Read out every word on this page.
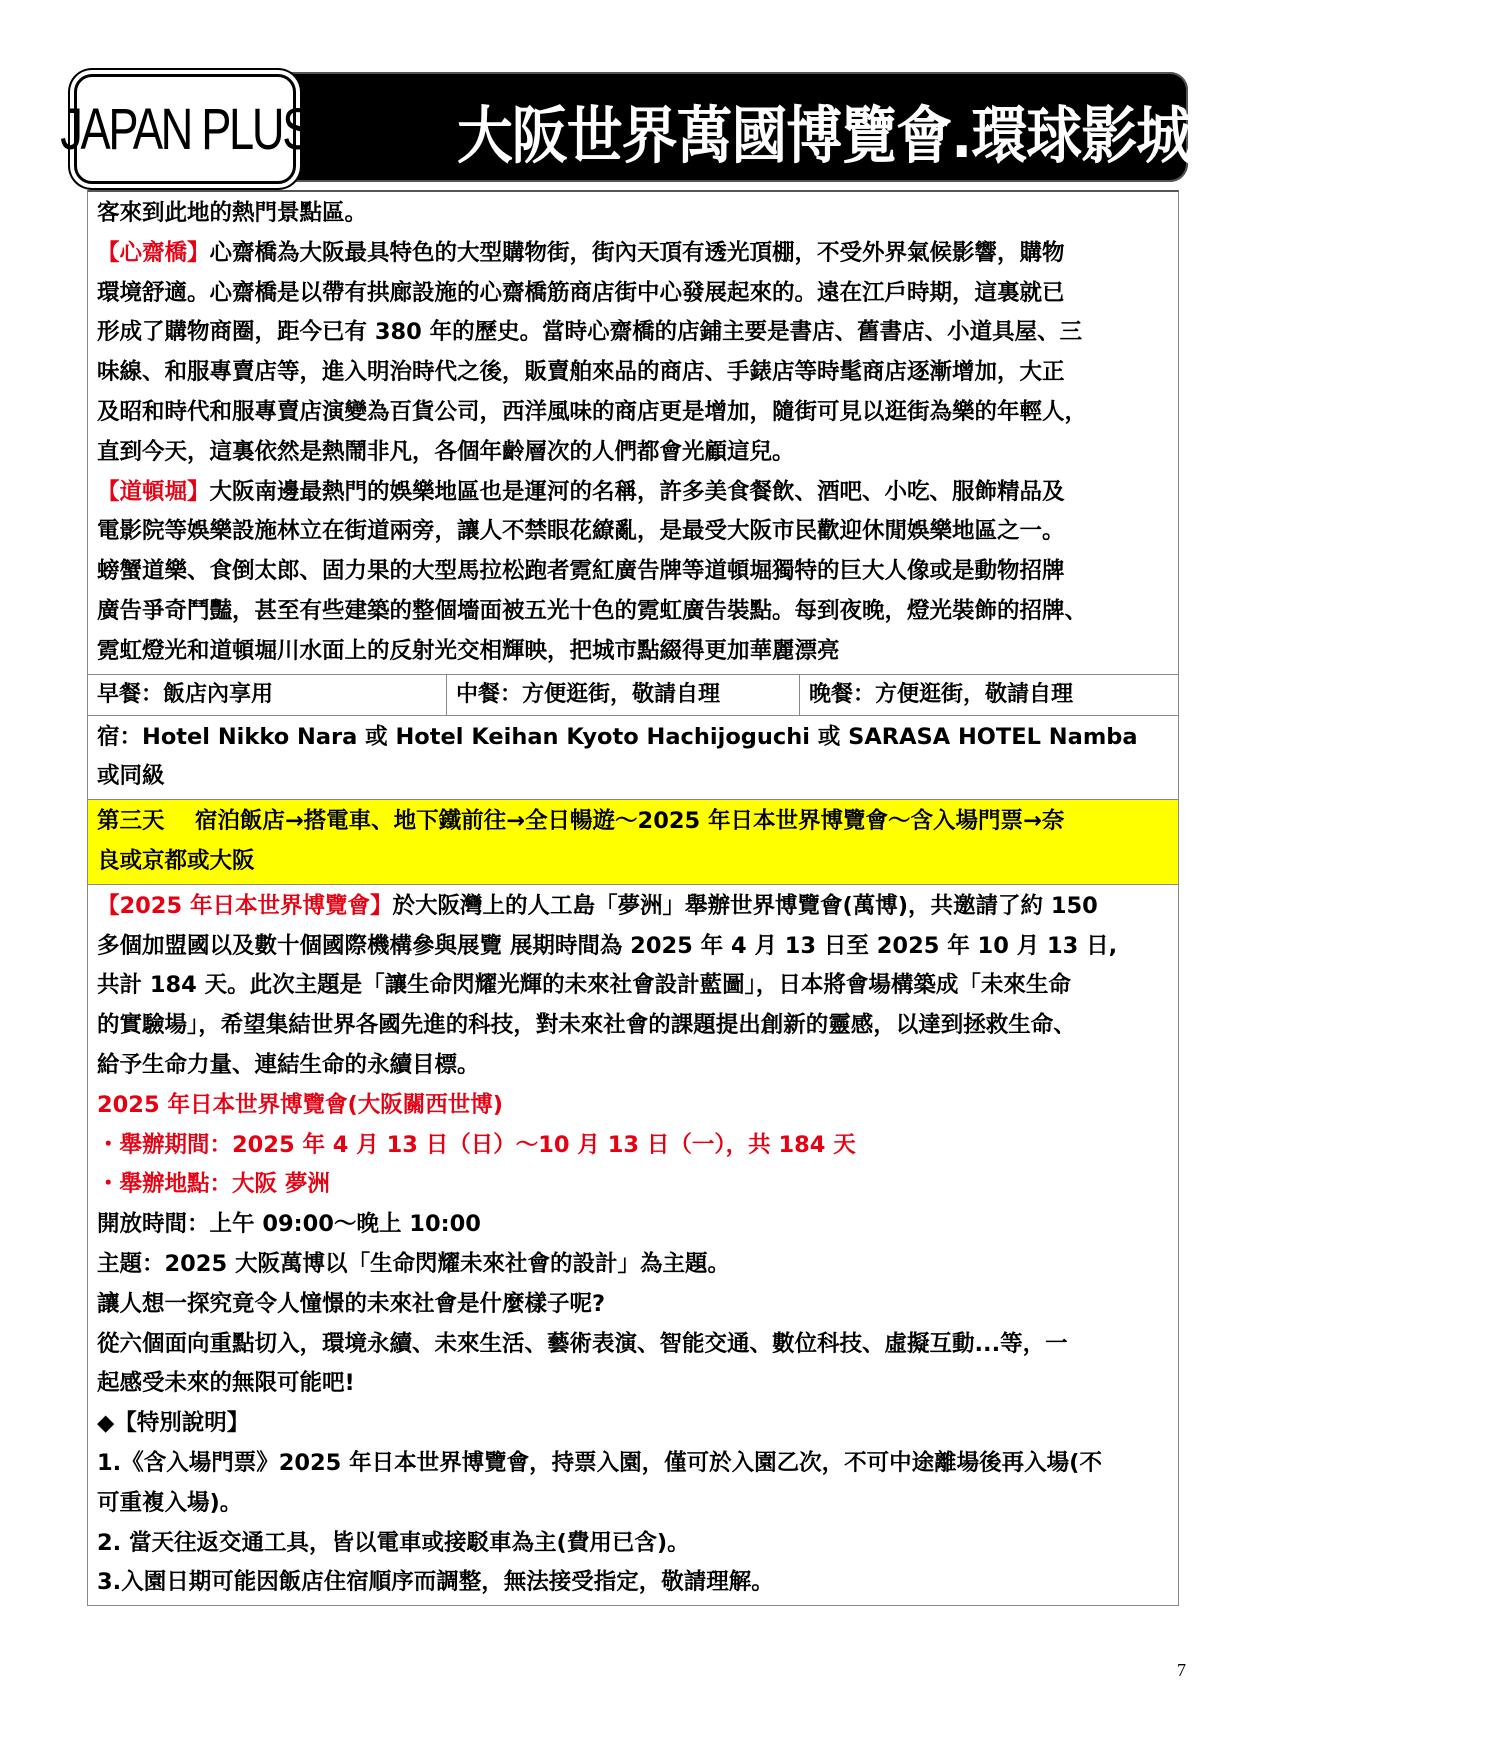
大阪世界萬國博覽會.環球影城.夢洲島五日
JAPAN PLUS
客來到此地的熱門景點區。
【心齋橋】心齋橋為大阪最具特色的大型購物街，街內天頂有透光頂棚，不受外界氣候影響，購物
環境舒適。心齋橋是以帶有拱廊設施的心齋橋筋商店街中心發展起來的。遠在江戶時期，這裏就已
形成了購物商圈，距今已有 380 年的歷史。當時心齋橋的店鋪主要是書店、舊書店、小道具屋、三
味線、和服專賣店等，進入明治時代之後，販賣舶來品的商店、手錶店等時髦商店逐漸增加，大正
及昭和時代和服專賣店演變為百貨公司，西洋風味的商店更是增加，隨街可見以逛街為樂的年輕人，
直到今天，這裏依然是熱鬧非凡，各個年齡層次的人們都會光顧這兒。
【道頓堀】大阪南邊最熱門的娛樂地區也是運河的名稱，許多美食餐飲、酒吧、小吃、服飾精品及
電影院等娛樂設施林立在街道兩旁，讓人不禁眼花繚亂，是最受大阪市民歡迎休閒娛樂地區之一。
螃蟹道樂、食倒太郎、固力果的大型馬拉松跑者霓紅廣告牌等道頓堀獨特的巨大人像或是動物招牌
廣告爭奇鬥豔，甚至有些建築的整個墻面被五光十色的霓虹廣告裝點。每到夜晚，燈光裝飾的招牌、
霓虹燈光和道頓堀川水面上的反射光交相輝映，把城市點綴得更加華麗漂亮
早餐：飯店內享用	中餐：方便逛街，敬請自理	晚餐：方便逛街，敬請自理
宿：Hotel Nikko Nara 或 Hotel Keihan Kyoto Hachijoguchi 或 SARASA HOTEL Namba
或同級
第三天　 宿泊飯店→搭電車、地下鐵前往→全日暢遊～2025 年日本世界博覽會～含入場門票→奈
良或京都或大阪
【2025 年日本世界博覽會】於大阪灣上的人工島「夢洲」舉辦世界博覽會(萬博)，共邀請了約 150
多個加盟國以及數十個國際機構參與展覽 展期時間為 2025 年 4 月 13 日至 2025 年 10 月 13 日,
共計 184 天。此次主題是「讓生命閃耀光輝的未來社會設計藍圖」，日本將會場構築成「未來生命
的實驗場」，希望集結世界各國先進的科技，對未來社會的課題提出創新的靈感，以達到拯救生命、
給予生命力量、連結生命的永續目標。
2025 年日本世界博覽會(大阪關西世博)
・舉辦期間：2025 年 4 月 13 日（日）～10 月 13 日（一），共 184 天
・舉辦地點：大阪 夢洲
開放時間：上午 09:00～晚上 10:00
主題：2025 大阪萬博以「生命閃耀未來社會的設計」為主題。
讓人想一探究竟令人憧憬的未來社會是什麼樣子呢?
從六個面向重點切入，環境永續、未來生活、藝術表演、智能交通、數位科技、虛擬互動...等，一
起感受未來的無限可能吧!
◆【特別說明】
1.《含入場門票》2025 年日本世界博覽會，持票入園，僅可於入園乙次，不可中途離場後再入場(不
可重複入場)。
2. 當天往返交通工具，皆以電車或接駁車為主(費用已含)。
3.入園日期可能因飯店住宿順序而調整，無法接受指定，敬請理解。
7
